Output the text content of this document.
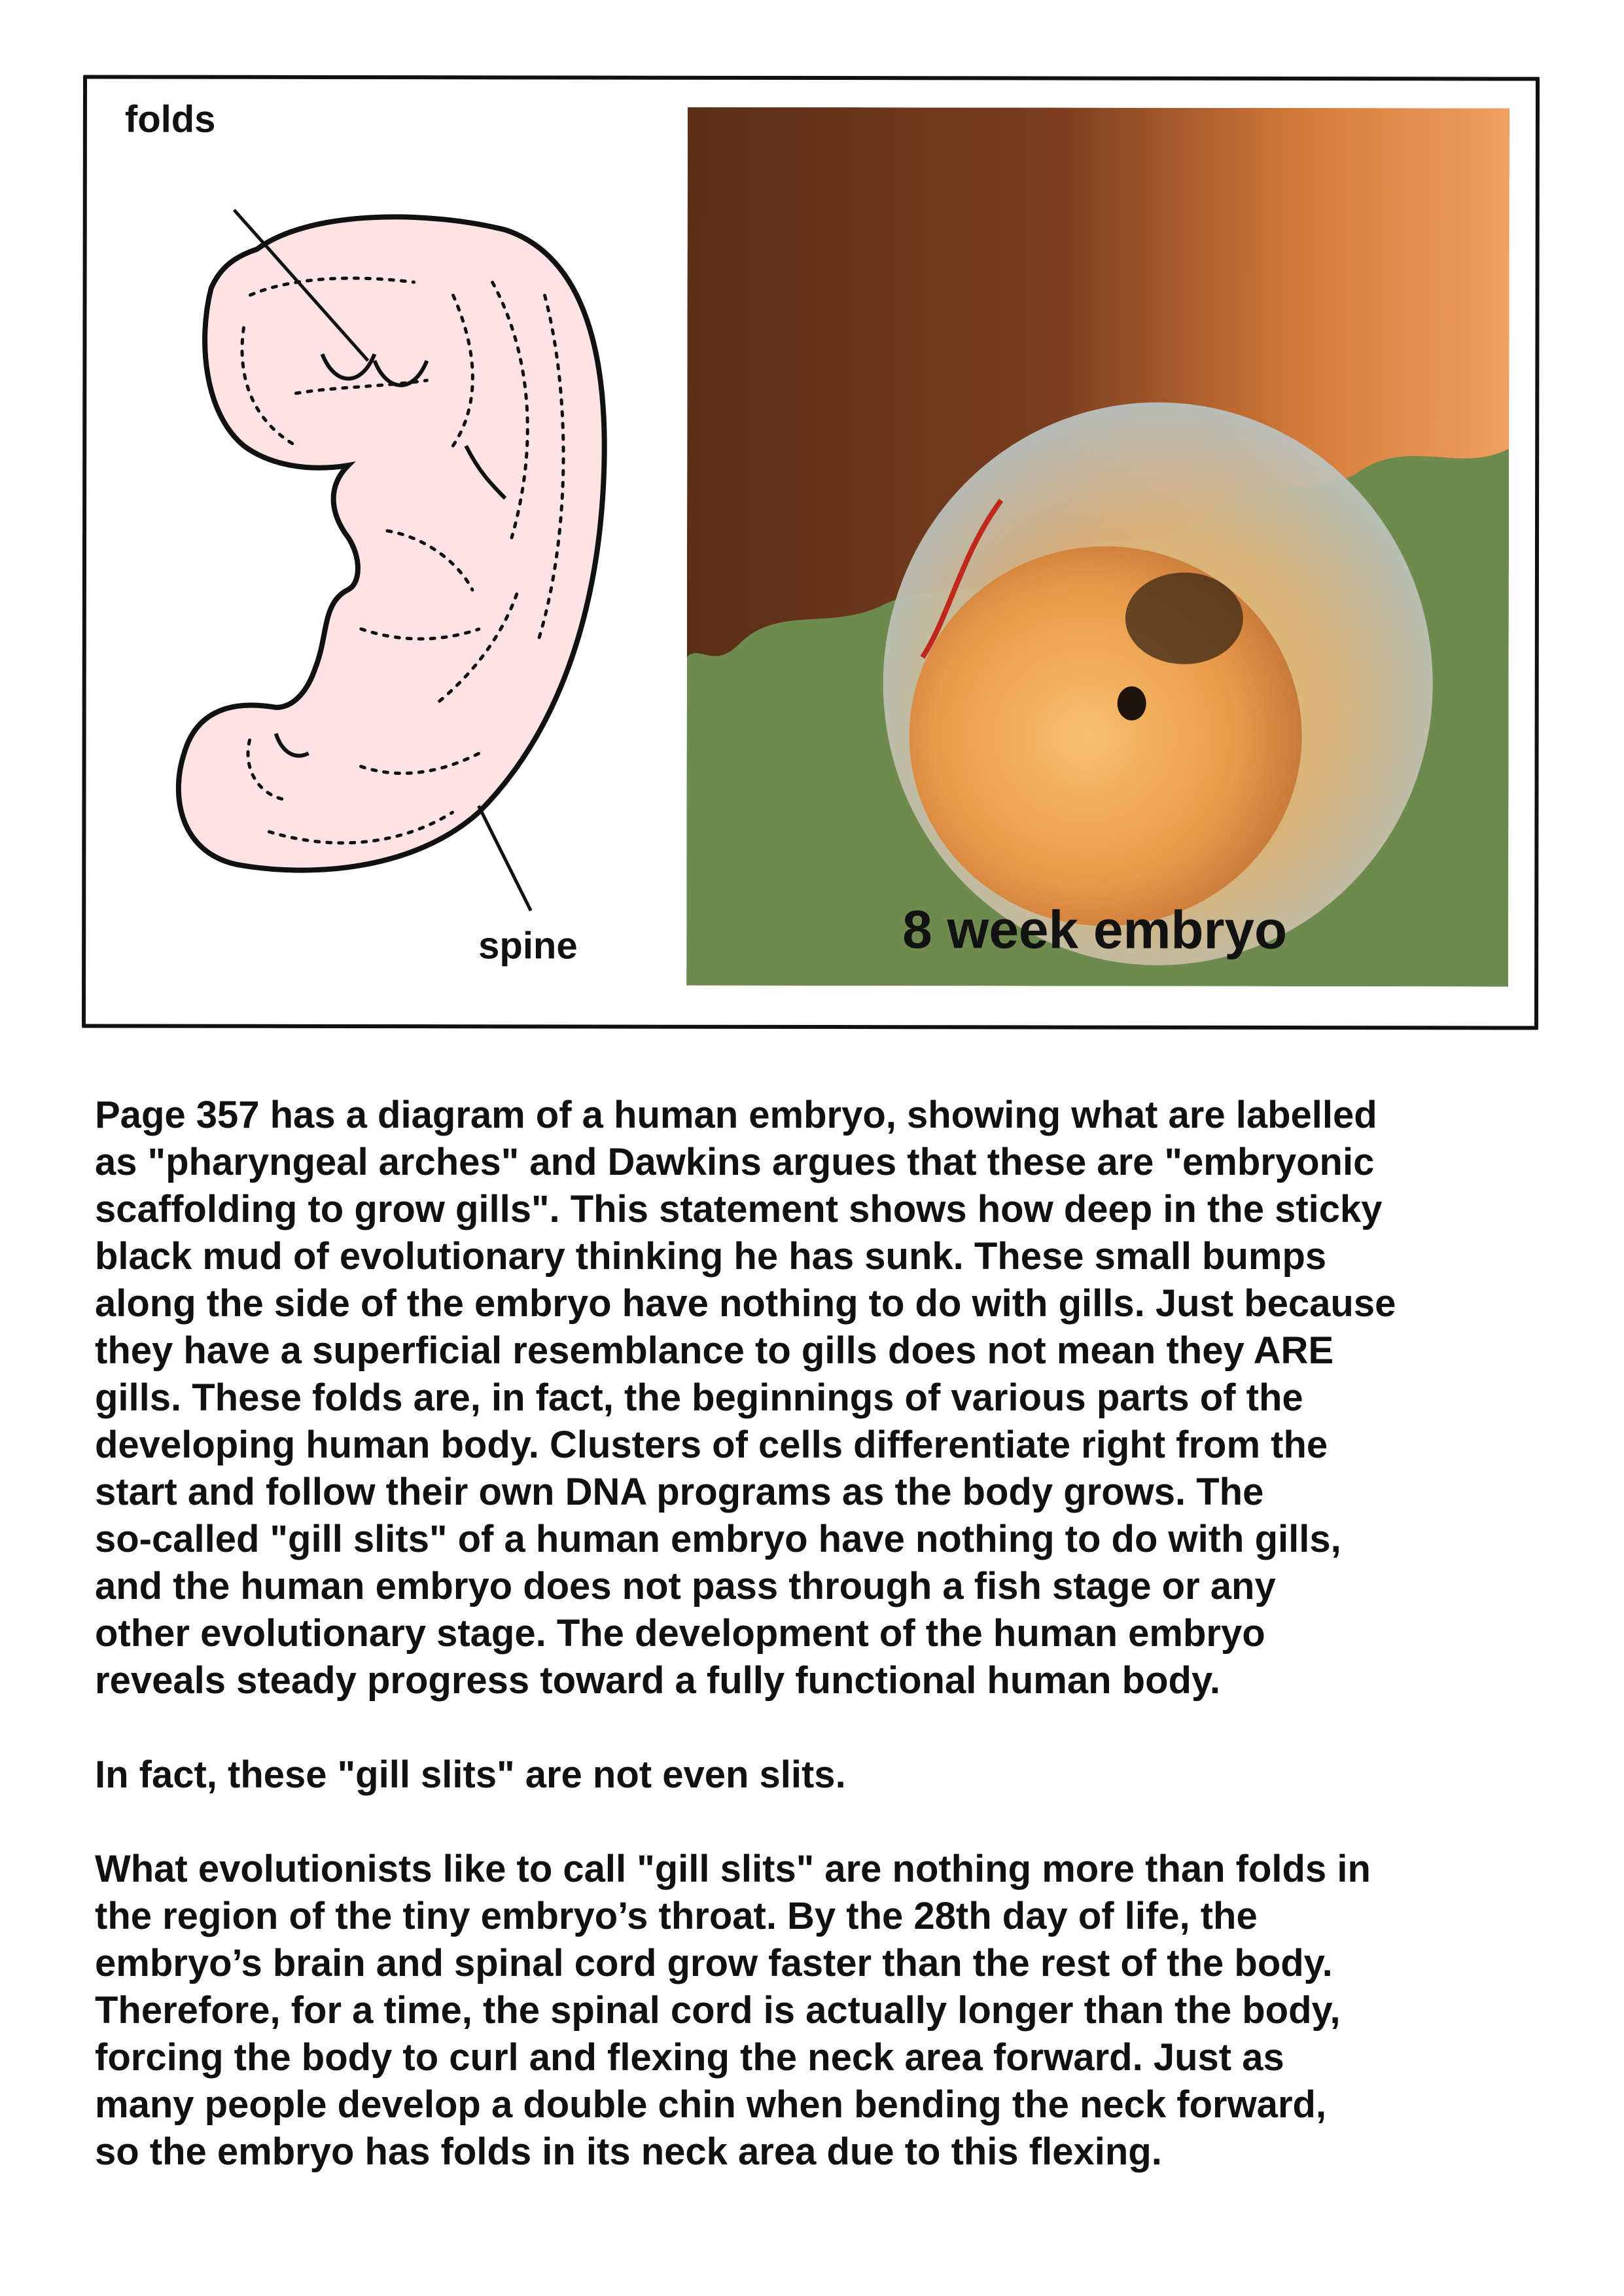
folds
spine	8 week embryo

Page 357 has a diagram of a human embryo, showing what are labelled
as "pharyngeal arches" and Dawkins argues that these are "embryonic
scaffolding to grow gills". This statement shows how deep in the sticky
black mud of evolutionary thinking he has sunk. These small bumps
along the side of the embryo have nothing to do with gills. Just because
they have a superficial resemblance to gills does not mean they ARE
gills. These folds are, in fact, the beginnings of various parts of the
developing human body. Clusters of cells differentiate right from the
start and follow their own DNA programs as the body grows. The
so-called "gill slits" of a human embryo have nothing to do with gills,
and the human embryo does not pass through a fish stage or any
other evolutionary stage. The development of the human embryo
reveals steady progress toward a fully functional human body.

In fact, these "gill slits" are not even slits.

What evolutionists like to call "gill slits" are nothing more than folds in
the region of the tiny embryo’s throat. By the 28th day of life, the
embryo’s brain and spinal cord grow faster than the rest of the body.
Therefore, for a time, the spinal cord is actually longer than the body,
forcing the body to curl and flexing the neck area forward. Just as
many people develop a double chin when bending the neck forward,
so the embryo has folds in its neck area due to this flexing.
